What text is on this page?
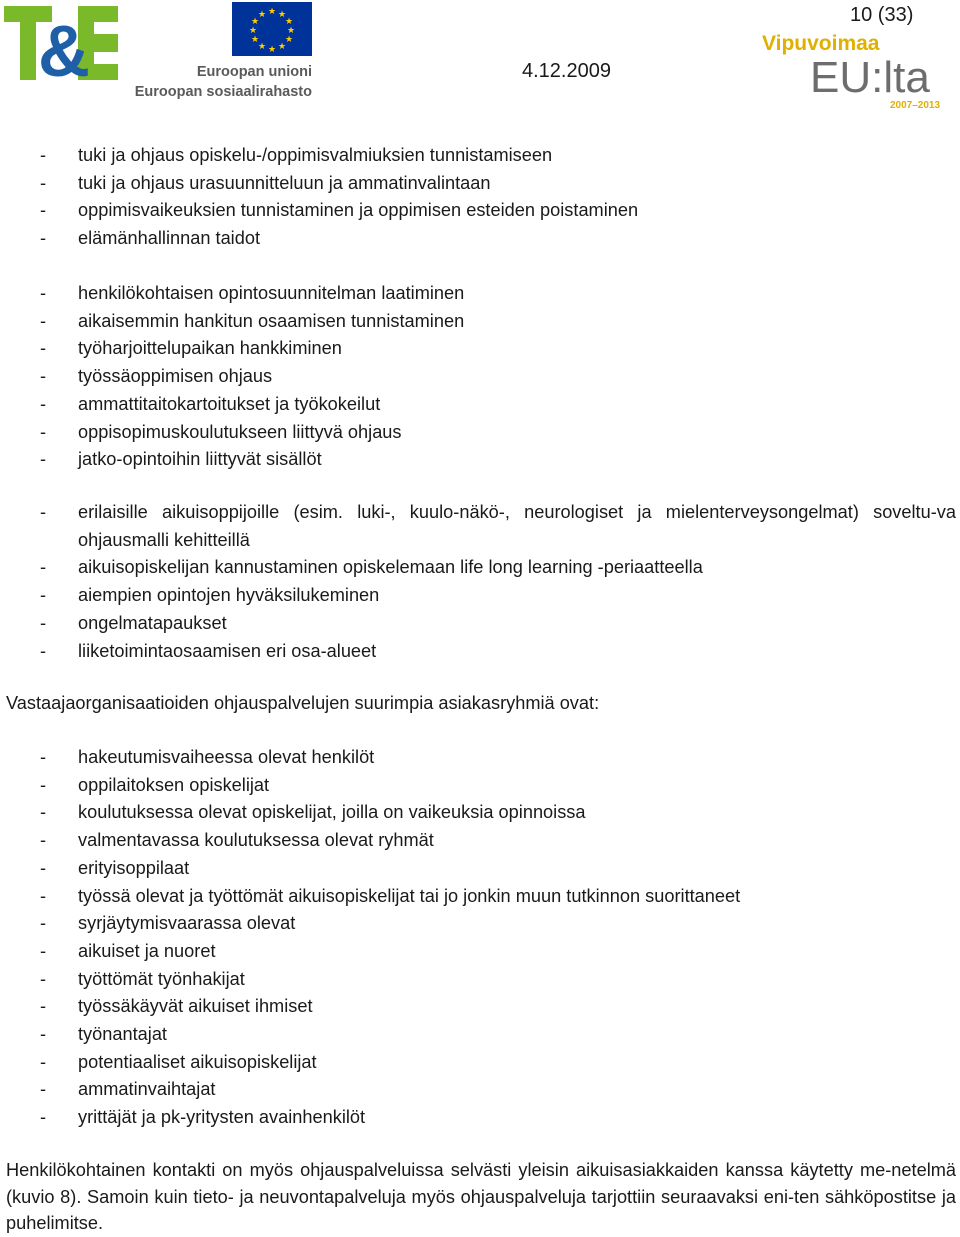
&	★ ★
★
★
★
★
★
★
★
★
★
★
Euroopan unioni
Euroopan sosiaalirahasto
4.12.2009
10 (33)
Vipuvoimaa
EU:lta
2007–2013
- tuki ja ohjaus opiskelu-/oppimisvalmiuksien tunnistamiseen
- tuki ja ohjaus urasuunnitteluun ja ammatinvalintaan
- oppimisvaikeuksien tunnistaminen ja oppimisen esteiden poistaminen
- elämänhallinnan taidot
- henkilökohtaisen opintosuunnitelman laatiminen
- aikaisemmin hankitun osaamisen tunnistaminen
- työharjoittelupaikan hankkiminen
- työssäoppimisen ohjaus
- ammattitaitokartoitukset ja työkokeilut
- oppisopimuskoulutukseen liittyvä ohjaus
- jatko-opintoihin liittyvät sisällöt
- erilaisille aikuisoppijoille (esim. luki-, kuulo-näkö-, neurologiset ja mielenterveysongelmat) soveltu-va ohjausmalli kehitteillä
- aikuisopiskelijan kannustaminen opiskelemaan life long learning -periaatteella
- aiempien opintojen hyväksilukeminen
- ongelmatapaukset
- liiketoimintaosaamisen eri osa-alueet

Vastaajaorganisaatioiden ohjauspalvelujen suurimpia asiakasryhmiä ovat:

- hakeutumisvaiheessa olevat henkilöt
- oppilaitoksen opiskelijat
- koulutuksessa olevat opiskelijat, joilla on vaikeuksia opinnoissa
- valmentavassa koulutuksessa olevat ryhmät
- erityisoppilaat
- työssä olevat ja työttömät aikuisopiskelijat tai jo jonkin muun tutkinnon suorittaneet
- syrjäytymisvaarassa olevat
- aikuiset ja nuoret
- työttömät työnhakijat
- työssäkäyvät aikuiset ihmiset
- työnantajat
- potentiaaliset aikuisopiskelijat
- ammatinvaihtajat
- yrittäjät ja pk-yritysten avainhenkilöt

Henkilökohtainen kontakti on myös ohjauspalveluissa selvästi yleisin aikuisasiakkaiden kanssa käytetty me-netelmä (kuvio 8). Samoin kuin tieto- ja neuvontapalveluja myös ohjauspalveluja tarjottiin seuraavaksi eni-ten sähköpostitse ja puhelimitse.
